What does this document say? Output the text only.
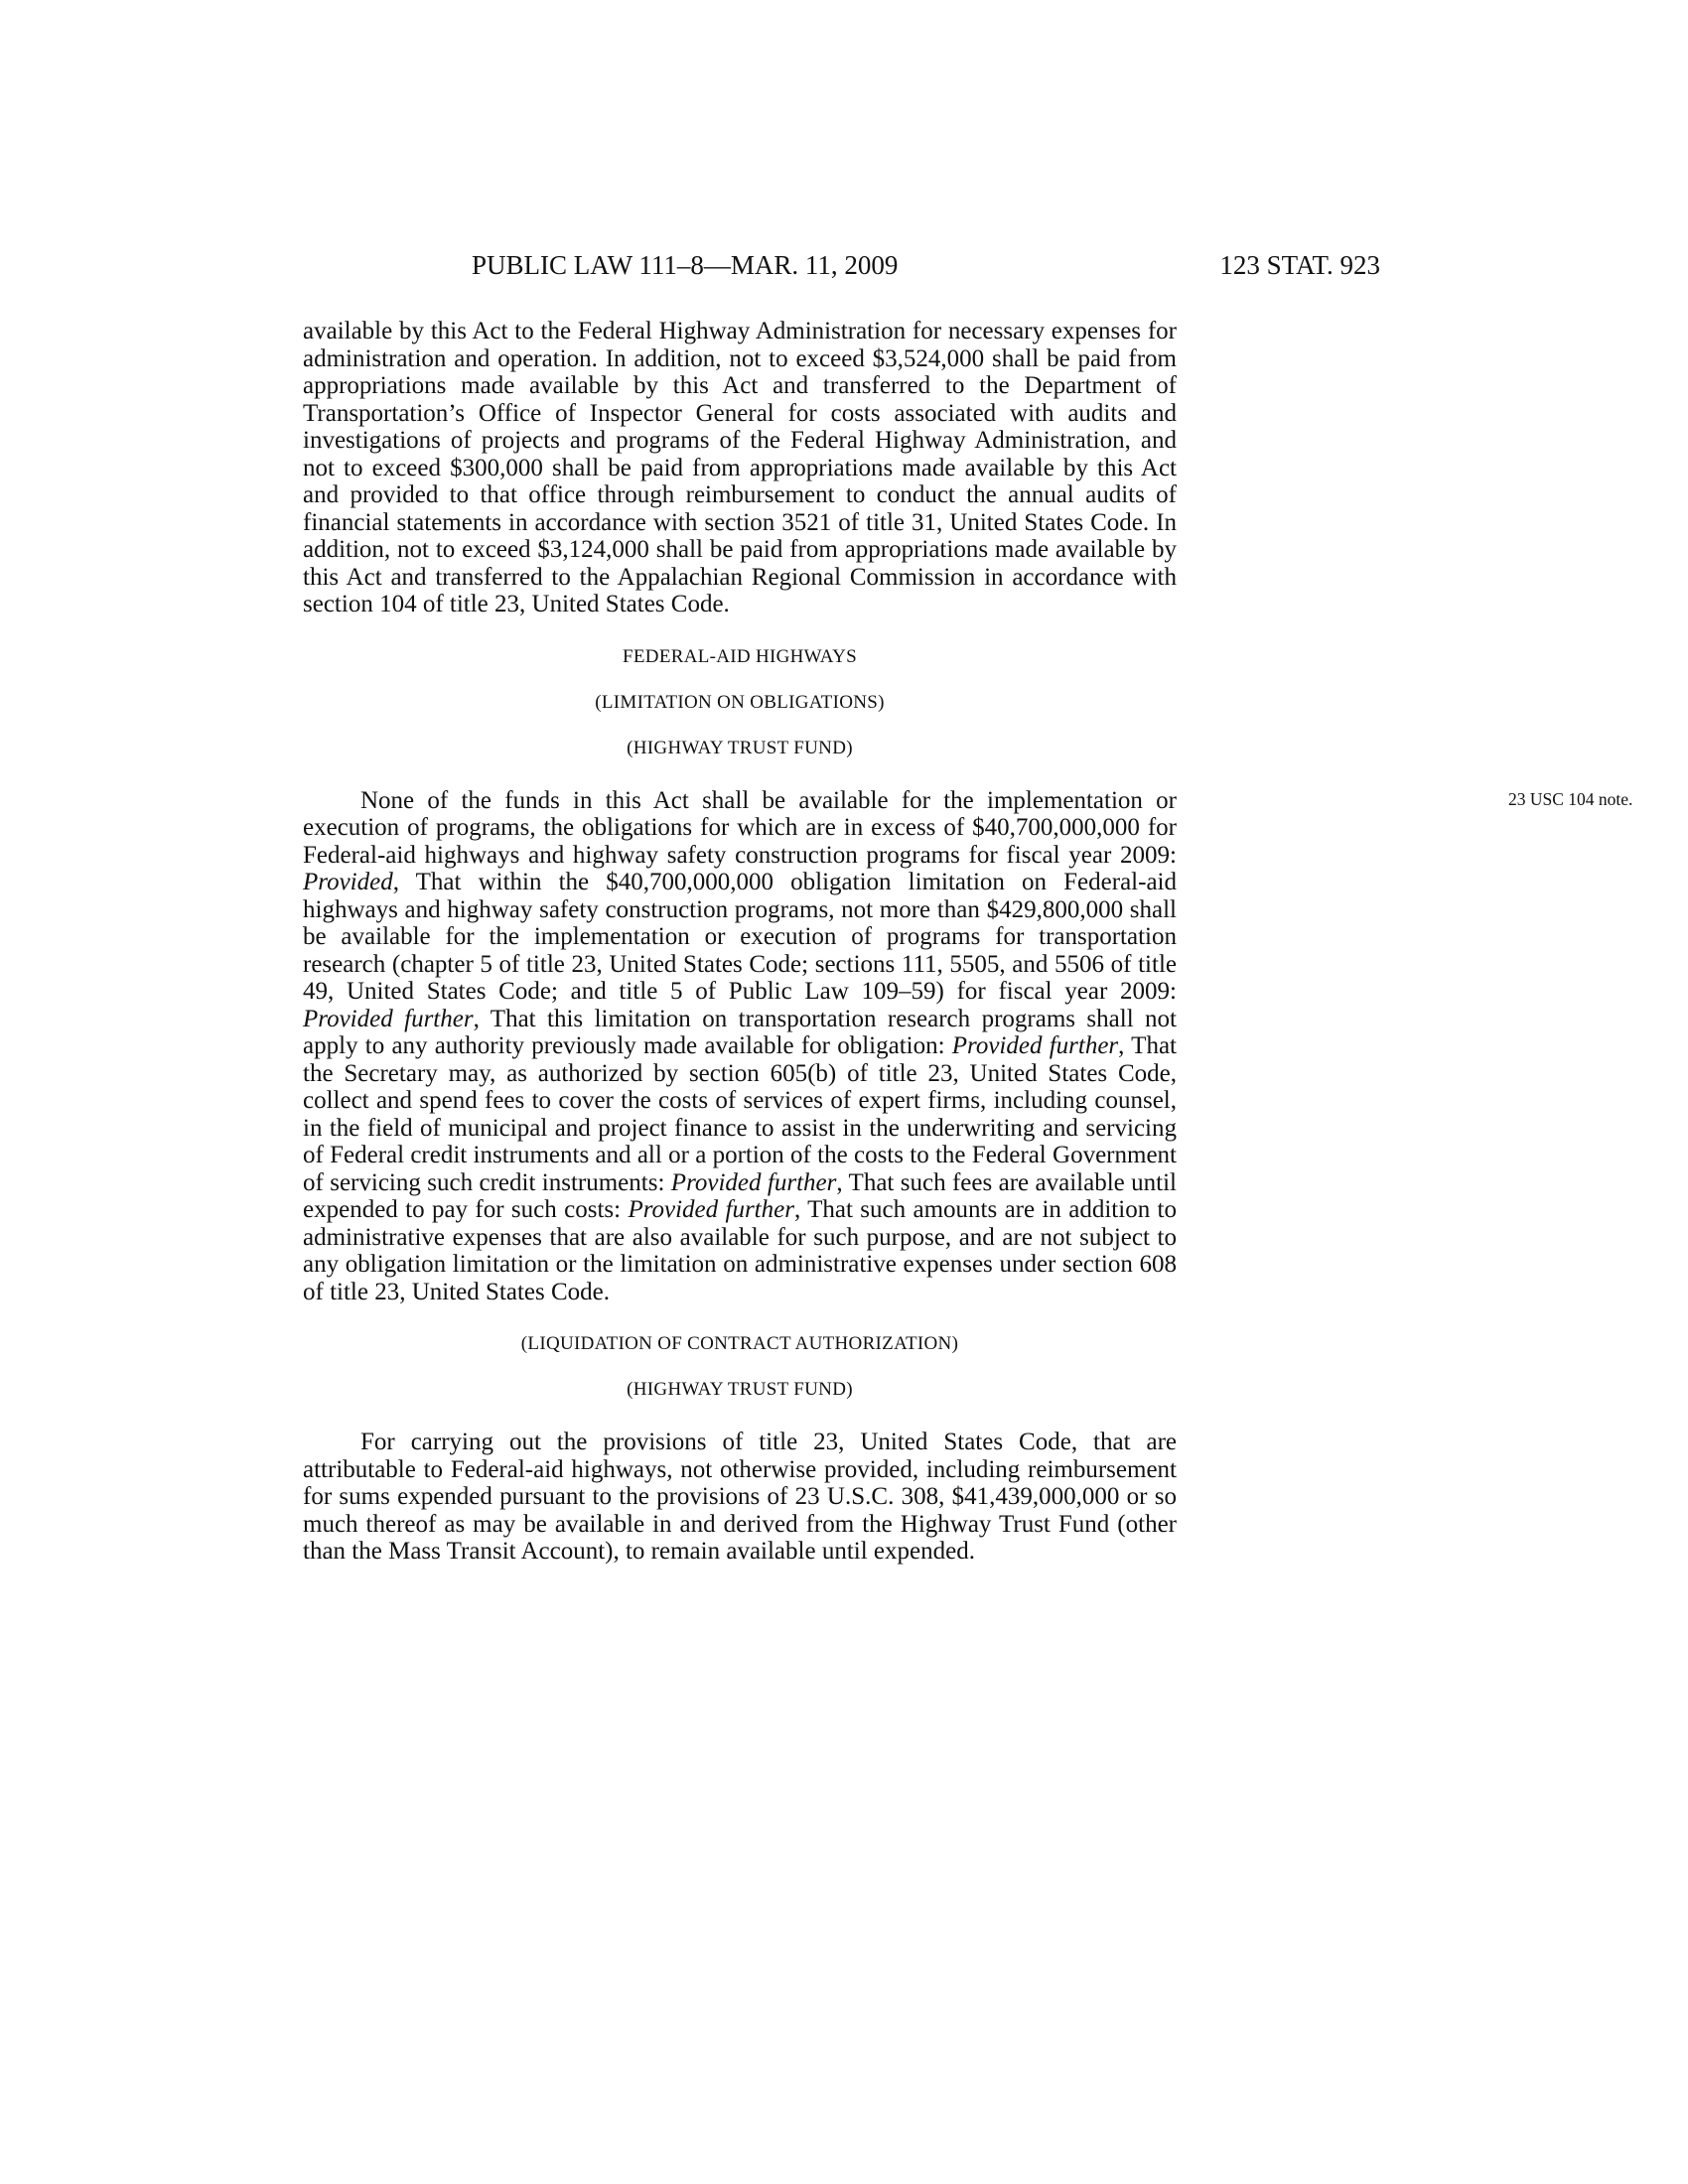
PUBLIC LAW 111–8—MAR. 11, 2009	123 STAT. 923

available by this Act to the Federal Highway Administration for necessary expenses for administration and operation. In addition, not to exceed $3,524,000 shall be paid from appropriations made available by this Act and transferred to the Department of Transportation’s Office of Inspector General for costs associated with audits and investigations of projects and programs of the Federal Highway Administration, and not to exceed $300,000 shall be paid from appropriations made available by this Act and provided to that office through reimbursement to conduct the annual audits of financial statements in accordance with section 3521 of title 31, United States Code. In addition, not to exceed $3,124,000 shall be paid from appropriations made available by this Act and transferred to the Appalachian Regional Commission in accordance with section 104 of title 23, United States Code.

FEDERAL-AID HIGHWAYS

(LIMITATION ON OBLIGATIONS)

(HIGHWAY TRUST FUND)

23 USC 104 note.

None of the funds in this Act shall be available for the implementation or execution of programs, the obligations for which are in excess of $40,700,000,000 for Federal-aid highways and highway safety construction programs for fiscal year 2009: Provided, That within the $40,700,000,000 obligation limitation on Federal-aid highways and highway safety construction programs, not more than $429,800,000 shall be available for the implementation or execution of programs for transportation research (chapter 5 of title 23, United States Code; sections 111, 5505, and 5506 of title 49, United States Code; and title 5 of Public Law 109–59) for fiscal year 2009: Provided further, That this limitation on transportation research programs shall not apply to any authority previously made available for obligation: Provided further, That the Secretary may, as authorized by section 605(b) of title 23, United States Code, collect and spend fees to cover the costs of services of expert firms, including counsel, in the field of municipal and project finance to assist in the underwriting and servicing of Federal credit instruments and all or a portion of the costs to the Federal Government of servicing such credit instruments: Provided further, That such fees are available until expended to pay for such costs: Provided further, That such amounts are in addition to administrative expenses that are also available for such purpose, and are not subject to any obligation limitation or the limitation on administrative expenses under section 608 of title 23, United States Code.

(LIQUIDATION OF CONTRACT AUTHORIZATION)

(HIGHWAY TRUST FUND)

For carrying out the provisions of title 23, United States Code, that are attributable to Federal-aid highways, not otherwise provided, including reimbursement for sums expended pursuant to the provisions of 23 U.S.C. 308, $41,439,000,000 or so much thereof as may be available in and derived from the Highway Trust Fund (other than the Mass Transit Account), to remain available until expended.
